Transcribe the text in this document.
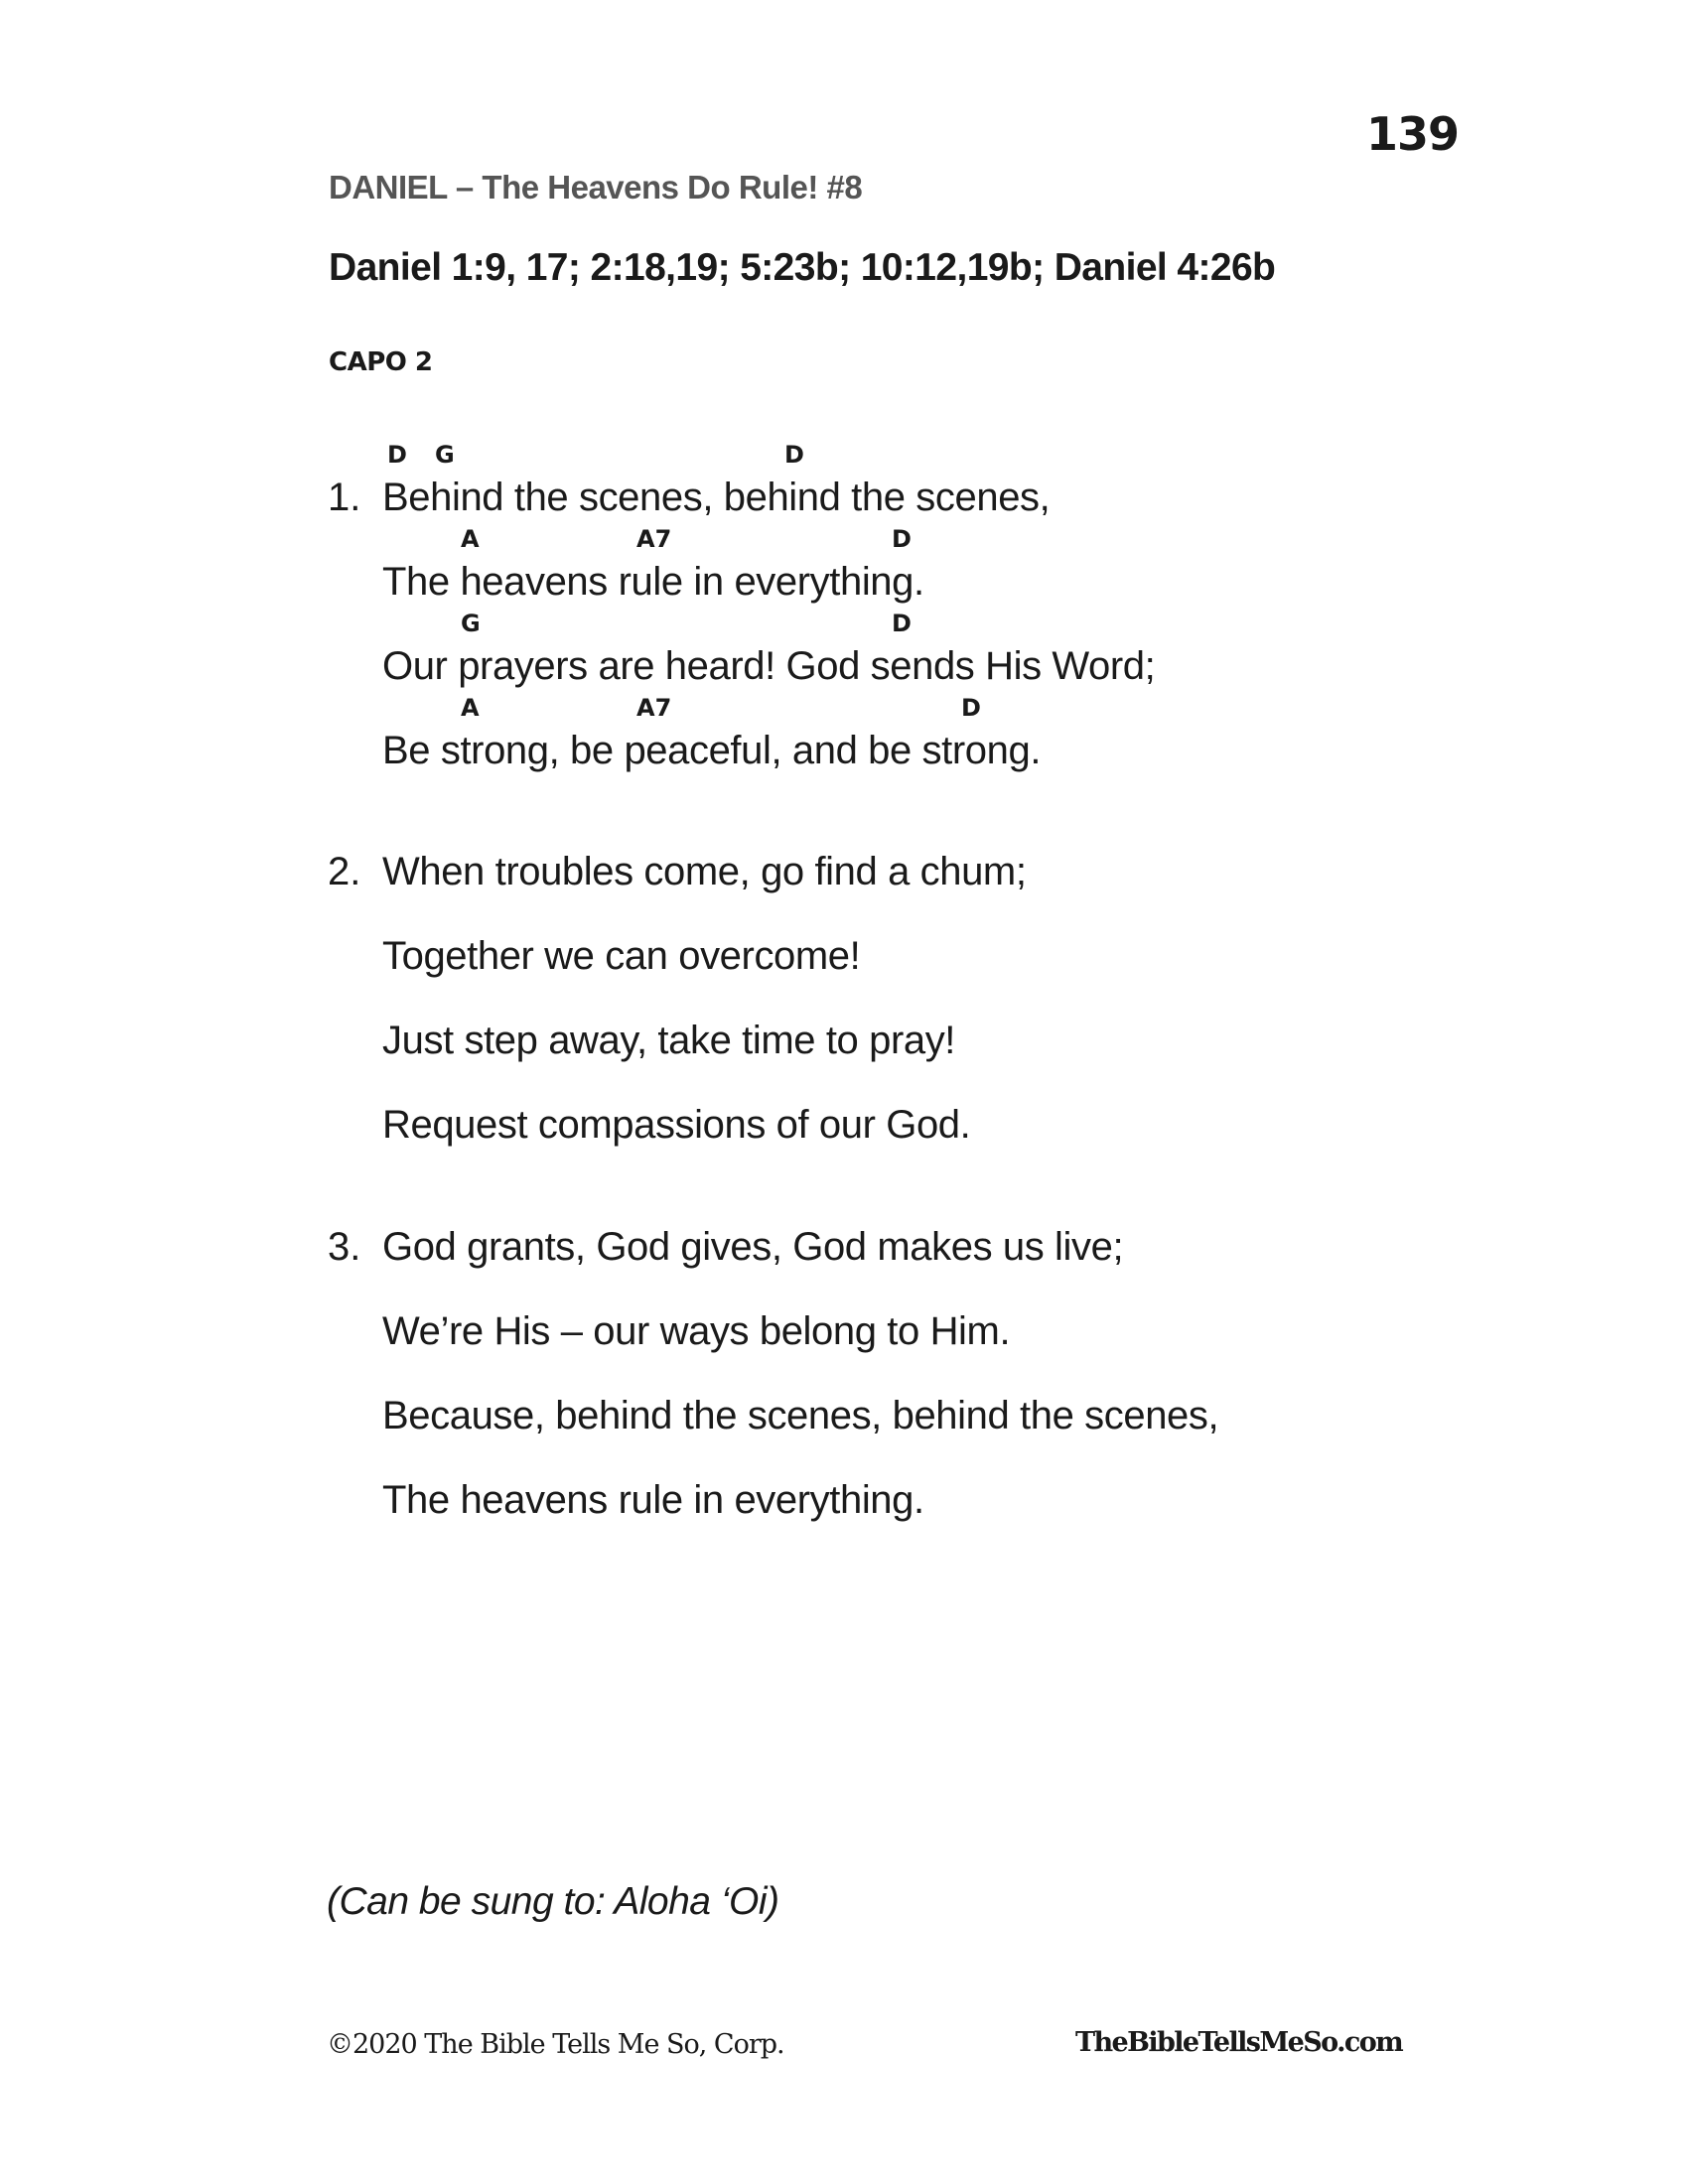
139
DANIEL – The Heavens Do Rule! #8
Daniel 1:9, 17; 2:18,19; 5:23b; 10:12,19b; Daniel 4:26b
CAPO 2
1.
D G	D
Behind the scenes, behind the scenes,
A	A7	D
The heavens rule in everything.
G	D
Our prayers are heard! God sends His Word;
A	A7	D
Be strong, be peaceful, and be strong.
2. When troubles come, go find a chum;
Together we can overcome!
Just step away, take time to pray!
Request compassions of our God.
3. God grants, God gives, God makes us live;
We’re His – our ways belong to Him.
Because, behind the scenes, behind the scenes,
The heavens rule in everything.
(Can be sung to: Aloha ‘Oi)
©2020 The Bible Tells Me So, Corp.	TheBibleTellsMeSo.com
